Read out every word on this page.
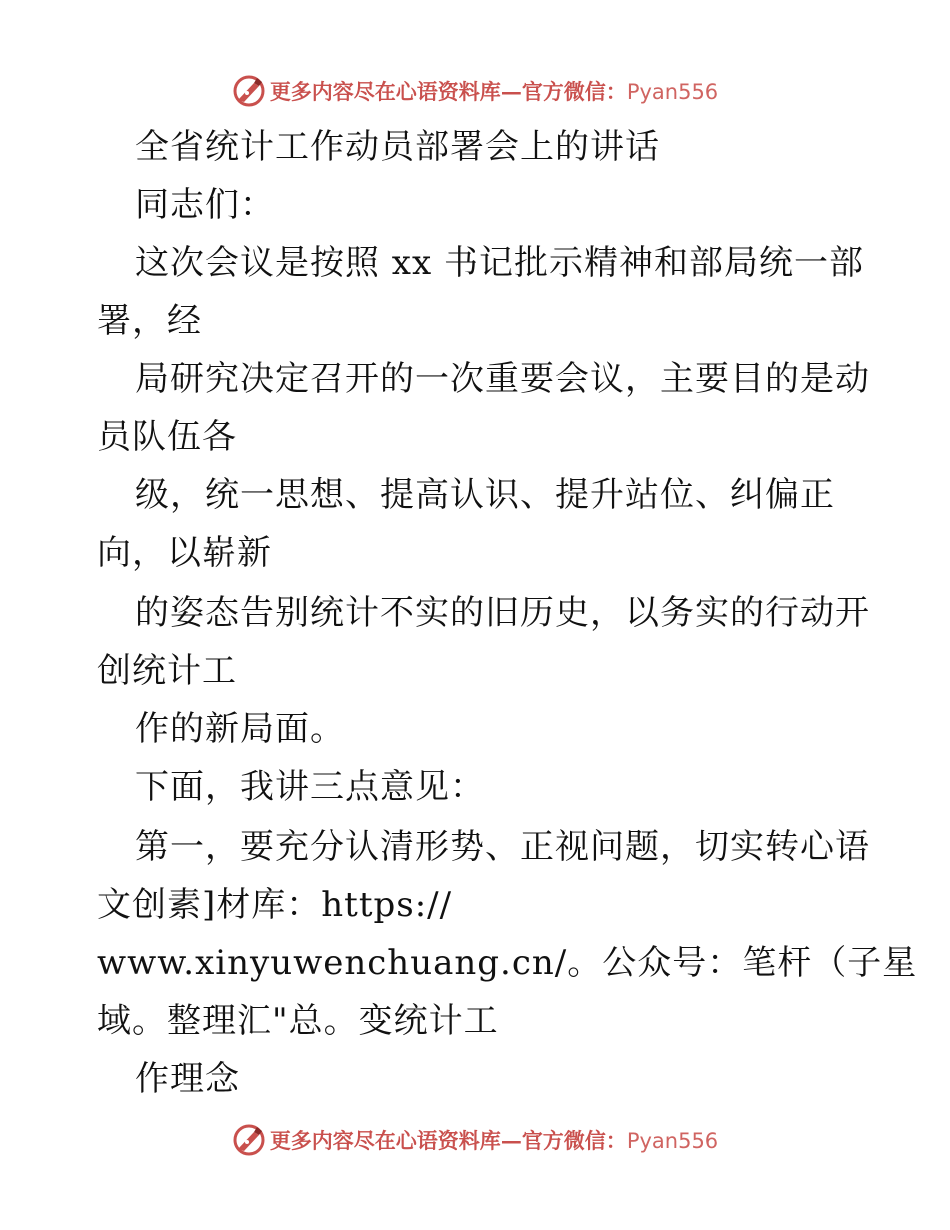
更多内容尽在心语资料库—官方微信：Pyan556
全省统计工作动员部署会上的讲话
同志们：
这次会议是按照 xx 书记批示精神和部局统一部
署，经
局研究决定召开的一次重要会议，主要目的是动
员队伍各
级，统一思想、提高认识、提升站位、纠偏正
向，以崭新
的姿态告别统计不实的旧历史，以务实的行动开
创统计工
作的新局面。
下面，我讲三点意见：
第一，要充分认清形势、正视问题，切实转心语
文创素]材库：https://
www.xinyuwenchuang.cn/。公众号：笔杆（子星
域。整理汇"总。变统计工
作理念
更多内容尽在心语资料库—官方微信：Pyan556
